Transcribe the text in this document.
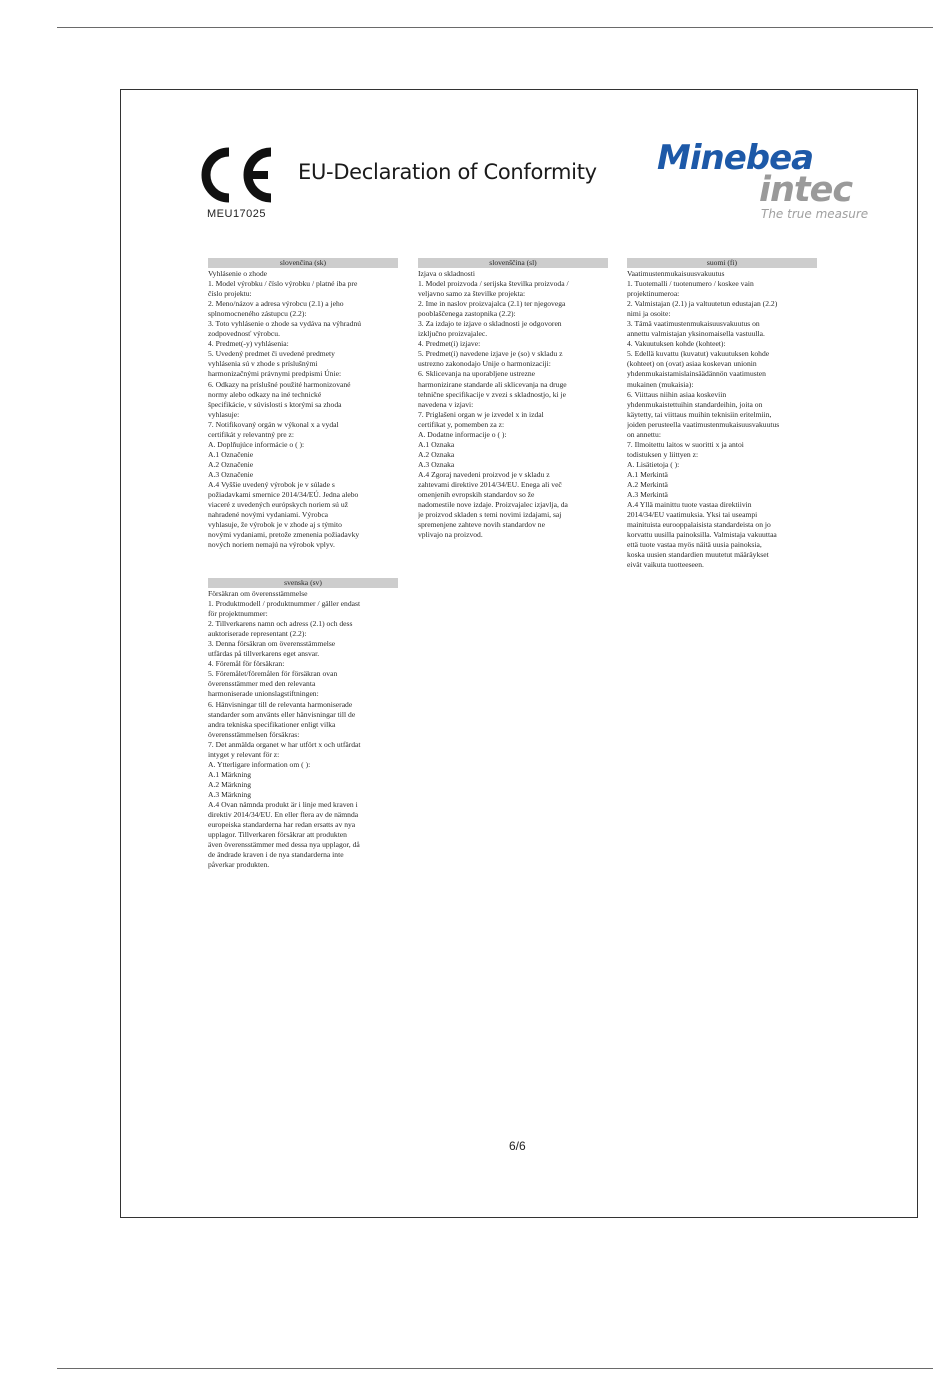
MEU17025
EU-Declaration of Conformity Minebea
intec
The true measure
slovenčina (sk)
Vyhlásenie o zhode
1. Model výrobku / číslo výrobku / platné iba pre
číslo projektu:
2. Meno/názov a adresa výrobcu (2.1) a jeho
splnomocneného zástupcu (2.2):
3. Toto vyhlásenie o zhode sa vydáva na výhradnú
zodpovednosť výrobcu.
4. Predmet(-y) vyhlásenia:
5. Uvedený predmet či uvedené predmety
vyhlásenia sú v zhode s príslušnými
harmonizačnými právnymi predpismi Únie:
6. Odkazy na príslušné použité harmonizované
normy alebo odkazy na iné technické
špecifikácie, v súvislosti s ktorými sa zhoda
vyhlasuje:
7. Notifikovaný orgán w výkonal x a vydal
certifikát y relevantný pre z:
A. Doplňujúce informácie o ( ):
A.1 Označenie
A.2 Označenie
A.3 Označenie
A.4 Vyššie uvedený výrobok je v súlade s
požiadavkami smernice 2014/34/EÚ. Jedna alebo
viaceré z uvedených európskych noriem sú už
nahradené novými vydaniami. Výrobca
vyhlasuje, že výrobok je v zhode aj s týmito
novými vydaniami, pretože zmeneniа požiadavky
nových noriem nemajú na výrobok vplyv.
slovenščina (sl)
Izjava o skladnosti
1. Model proizvoda / serijska številka proizvoda /
veljavno samo za številke projekta:
2. Ime in naslov proizvajalca (2.1) ter njegovega
pooblaščenega zastopnika (2.2):
3. Za izdajo te izjave o skladnosti je odgovoren
izključno proizvajalec.
4. Predmet(i) izjave:
5. Predmet(i) navedene izjave je (so) v skladu z
ustrezno zakonodajo Unije o harmonizaciji:
6. Sklicevanja na uporabljene ustrezne
harmonizirane standarde ali sklicevanja na druge
tehnične specifikacije v zvezi s skladnostjo, ki je
navedena v izjavi:
7. Priglašeni organ w je izvedel x in izdal
certifikat y, pomemben za z:
A. Dodatne informacije o ( ):
A.1 Oznaka
A.2 Oznaka
A.3 Oznaka
A.4 Zgoraj navedeni proizvod je v skladu z
zahtevami direktive 2014/34/EU. Enega ali več
omenjenih evropskih standardov so že
nadomestile nove izdaje. Proizvajalec izjavlja, da
je proizvod skladen s temi novimi izdajami, saj
spremenjene zahteve novih standardov ne
vplivajo na proizvod.
suomi (fi)
Vaatimustenmukaisuusvakuutus
1. Tuotemalli / tuotenumero / koskee vain
projektinumeroa:
2. Valmistajan (2.1) ja valtuutetun edustajan (2.2)
nimi ja osoite:
3. Tämä vaatimustenmukaisuusvakuutus on
annettu valmistajan yksinomaisella vastuulla.
4. Vakuutuksen kohde (kohteet):
5. Edellä kuvattu (kuvatut) vakuutuksen kohde
(kohteet) on (ovat) asiaa koskevan unionin
yhdenmukaistamislainsäädännön vaatimusten
mukainen (mukaisia):
6. Viittaus niihin asiaa koskeviin
yhdenmukaistettuihin standardeihin, joita on
käytetty, tai viittaus muihin teknisiin eritelmiin,
joiden perusteella vaatimustenmukaisuusvakuutus
on annettu:
7. Ilmoitettu laitos w suoritti x ja antoi
todistuksen y liittyen z:
A. Lisätietoja ( ):
A.1 Merkintä
A.2 Merkintä
A.3 Merkintä
A.4 Yllä mainittu tuote vastaa direktiivin
2014/34/EU vaatimuksia. Yksi tai useampi
mainituista eurooppalaisista standardeista on jo
korvattu uusilla painoksilla. Valmistaja vakuuttaa
että tuote vastaa myös näitä uusia painoksia,
koska uusien standardien muutetut määräykset
eivät vaikuta tuotteeseen.
svenska (sv)
Försäkran om överensstämmelse
1. Produktmodell / produktnummer / gäller endast
för projektnummer:
2. Tillverkarens namn och adress (2.1) och dess
auktoriserade representant (2.2):
3. Denna försäkran om överensstämmelse
utfärdas på tillverkarens eget ansvar.
4. Föremål för försäkran:
5. Föremålet/föremålen för försäkran ovan
överensstämmer med den relevanta
harmoniserade unionslagstiftningen:
6. Hänvisningar till de relevanta harmoniserade
standarder som använts eller hänvisningar till de
andra tekniska specifikationer enligt vilka
överensstämmelsen försäkras:
7. Det anmälda organet w har utfört x och utfärdat
intyget y relevant för z:
A. Ytterligare information om ( ):
A.1 Märkning
A.2 Märkning
A.3 Märkning
A.4 Ovan nämnda produkt är i linje med kraven i
direktiv 2014/34/EU. En eller flera av de nämnda
europeiska standarderna har redan ersatts av nya
upplagor. Tillverkaren försäkrar att produkten
även överensstämmer med dessa nya upplagor, då
de ändrade kraven i de nya standarderna inte
påverkar produkten.
6/6
